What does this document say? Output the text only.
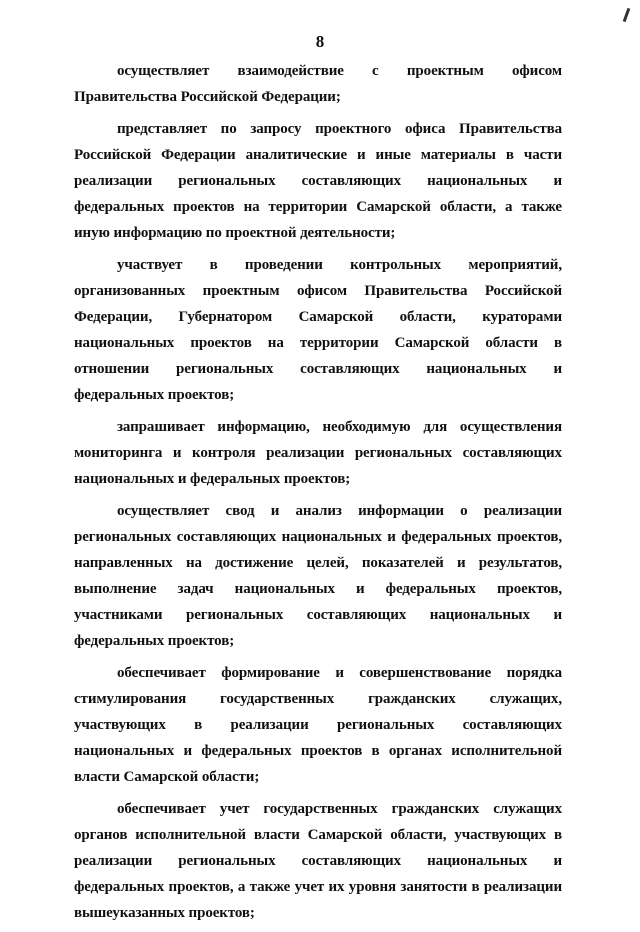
8

осуществляет взаимодействие с проектным офисом Правительства Российской Федерации;

представляет по запросу проектного офиса Правительства Российской Федерации аналитические и иные материалы в части реализации региональных составляющих национальных и федеральных проектов на территории Самарской области, а также иную информацию по проектной деятельности;

участвует в проведении контрольных мероприятий, организованных проектным офисом Правительства Российской Федерации, Губернатором Самарской области, кураторами национальных проектов на территории Самарской области в отношении региональных составляющих национальных и федеральных проектов;

запрашивает информацию, необходимую для осуществления мониторинга и контроля реализации региональных составляющих национальных и федеральных проектов;

осуществляет свод и анализ информации о реализации региональных составляющих национальных и федеральных проектов, направленных на достижение целей, показателей и результатов, выполнение задач национальных и федеральных проектов, участниками региональных составляющих национальных и федеральных проектов;

обеспечивает формирование и совершенствование порядка стимулирования государственных гражданских служащих, участвующих в реализации региональных составляющих национальных и федеральных проектов в органах исполнительной власти Самарской области;

обеспечивает учет государственных гражданских служащих органов исполнительной власти Самарской области, участвующих в реализации региональных составляющих национальных и федеральных проектов, а также учет их уровня занятости в реализации вышеуказанных проектов;
